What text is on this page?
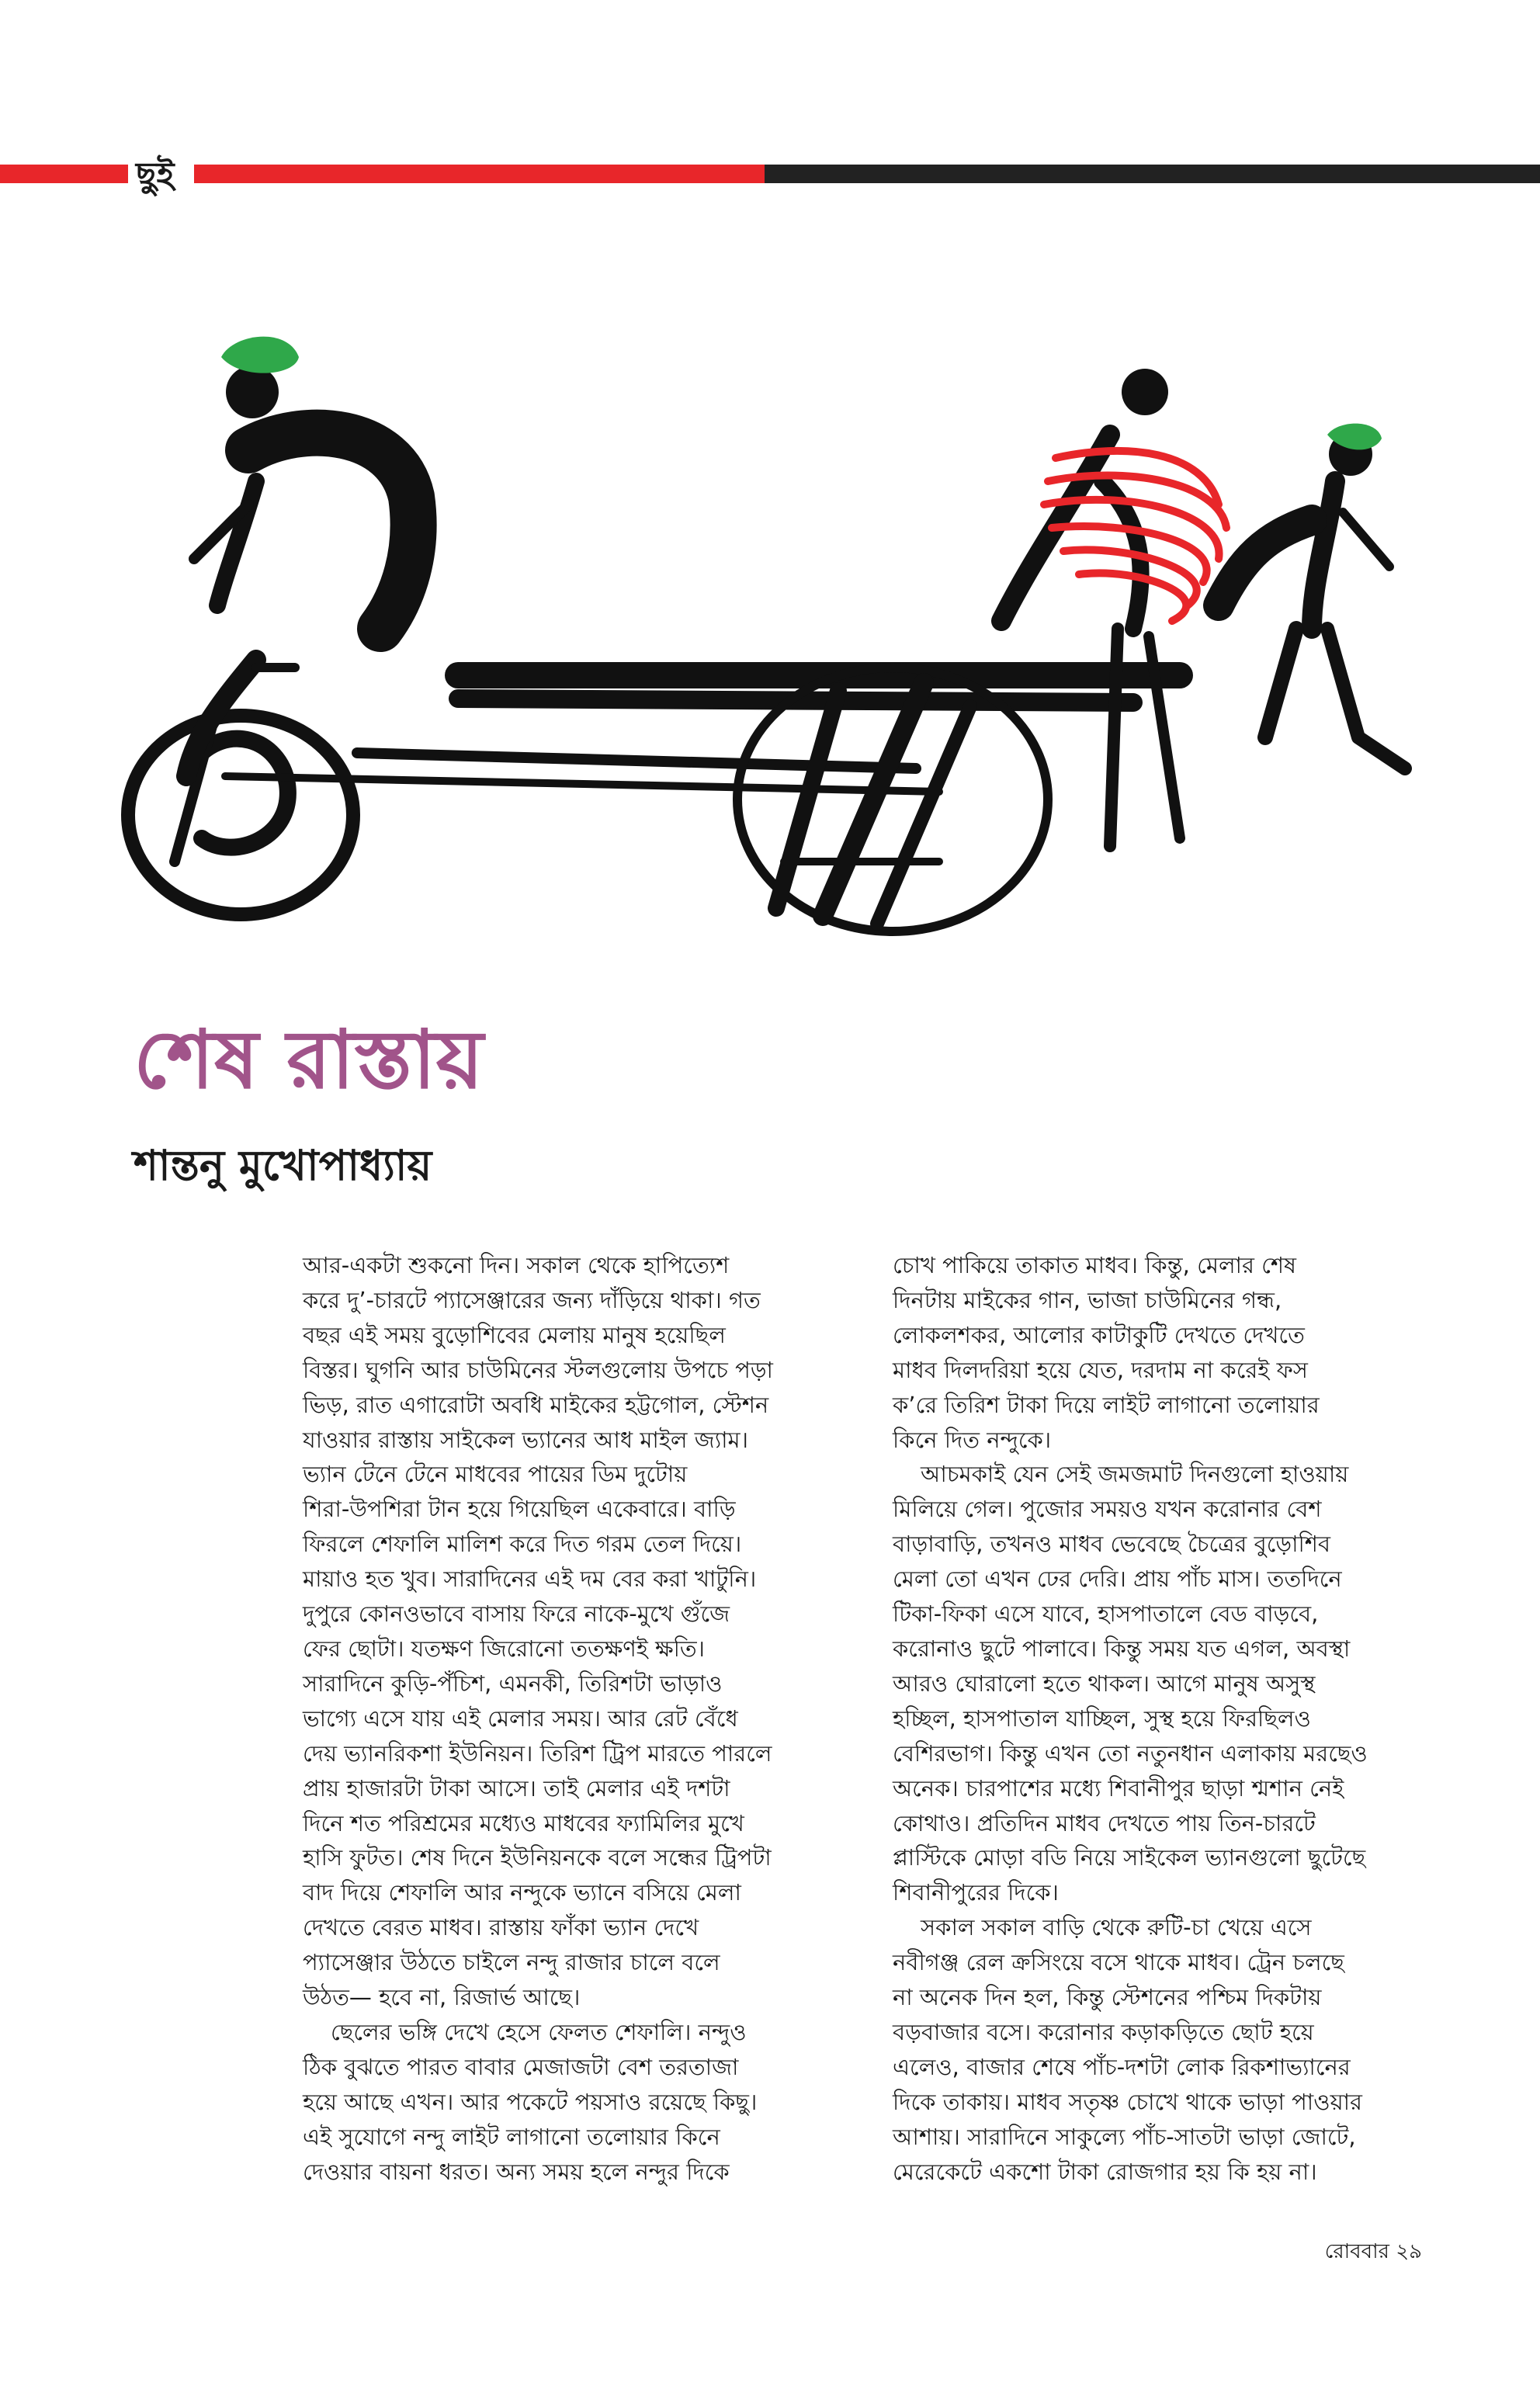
ছুই
শেষ রাস্তায়
শান্তনু মুখোপাধ্যায়
আর-একটা শুকনো দিন। সকাল থেকে হাপিত্যেশ
করে দু’-চারটে প্যাসেঞ্জারের জন্য দাঁড়িয়ে থাকা। গত
বছর এই সময় বুড়োশিবের মেলায় মানুষ হয়েছিল
বিস্তর। ঘুগনি আর চাউমিনের স্টলগুলোয় উপচে পড়া
ভিড়, রাত এগারোটা অবধি মাইকের হট্টগোল, স্টেশন
যাওয়ার রাস্তায় সাইকেল ভ্যানের আধ মাইল জ্যাম।
ভ্যান টেনে টেনে মাধবের পায়ের ডিম দুটোয়
শিরা-উপশিরা টান হয়ে গিয়েছিল একেবারে। বাড়ি
ফিরলে শেফালি মালিশ করে দিত গরম তেল দিয়ে।
মায়াও হত খুব। সারাদিনের এই দম বের করা খাটুনি।
দুপুরে কোনওভাবে বাসায় ফিরে নাকে-মুখে গুঁজে
ফের ছোটা। যতক্ষণ জিরোনো ততক্ষণই ক্ষতি।
সারাদিনে কুড়ি-পঁচিশ, এমনকী, তিরিশটা ভাড়াও
ভাগ্যে এসে যায় এই মেলার সময়। আর রেট বেঁধে
দেয় ভ্যানরিকশা ইউনিয়ন। তিরিশ ট্রিপ মারতে পারলে
প্রায় হাজারটা টাকা আসে। তাই মেলার এই দশটা
দিনে শত পরিশ্রমের মধ্যেও মাধবের ফ্যামিলির মুখে
হাসি ফুটত। শেষ দিনে ইউনিয়নকে বলে সন্ধের ট্রিপটা
বাদ দিয়ে শেফালি আর নন্দুকে ভ্যানে বসিয়ে মেলা
দেখতে বেরত মাধব। রাস্তায় ফাঁকা ভ্যান দেখে
প্যাসেঞ্জার উঠতে চাইলে নন্দু রাজার চালে বলে
উঠত— হবে না, রিজার্ভ আছে।
ছেলের ভঙ্গি দেখে হেসে ফেলত শেফালি। নন্দুও
ঠিক বুঝতে পারত বাবার মেজাজটা বেশ তরতাজা
হয়ে আছে এখন। আর পকেটে পয়সাও রয়েছে কিছু।
এই সুযোগে নন্দু লাইট লাগানো তলোয়ার কিনে
দেওয়ার বায়না ধরত। অন্য সময় হলে নন্দুর দিকে
চোখ পাকিয়ে তাকাত মাধব। কিন্তু, মেলার শেষ
দিনটায় মাইকের গান, ভাজা চাউমিনের গন্ধ,
লোকলশকর, আলোর কাটাকুটি দেখতে দেখতে
মাধব দিলদরিয়া হয়ে যেত, দরদাম না করেই ফস
ক’রে তিরিশ টাকা দিয়ে লাইট লাগানো তলোয়ার
কিনে দিত নন্দুকে।
আচমকাই যেন সেই জমজমাট দিনগুলো হাওয়ায়
মিলিয়ে গেল। পুজোর সময়ও যখন করোনার বেশ
বাড়াবাড়ি, তখনও মাধব ভেবেছে চৈত্রের বুড়োশিব
মেলা তো এখন ঢের দেরি। প্রায় পাঁচ মাস। ততদিনে
টিকা-ফিকা এসে যাবে, হাসপাতালে বেড বাড়বে,
করোনাও ছুটে পালাবে। কিন্তু সময় যত এগল, অবস্থা
আরও ঘোরালো হতে থাকল। আগে মানুষ অসুস্থ
হচ্ছিল, হাসপাতাল যাচ্ছিল, সুস্থ হয়ে ফিরছিলও
বেশিরভাগ। কিন্তু এখন তো নতুনধান এলাকায় মরছেও
অনেক। চারপাশের মধ্যে শিবানীপুর ছাড়া শ্মশান নেই
কোথাও। প্রতিদিন মাধব দেখতে পায় তিন-চারটে
প্লাস্টিকে মোড়া বডি নিয়ে সাইকেল ভ্যানগুলো ছুটেছে
শিবানীপুরের দিকে।
সকাল সকাল বাড়ি থেকে রুটি-চা খেয়ে এসে
নবীগঞ্জ রেল ক্রসিংয়ে বসে থাকে মাধব। ট্রেন চলছে
না অনেক দিন হল, কিন্তু স্টেশনের পশ্চিম দিকটায়
বড়বাজার বসে। করোনার কড়াকড়িতে ছোট হয়ে
এলেও, বাজার শেষে পাঁচ-দশটা লোক রিকশাভ্যানের
দিকে তাকায়। মাধব সতৃষ্ণ চোখে থাকে ভাড়া পাওয়ার
আশায়। সারাদিনে সাকুল্যে পাঁচ-সাতটা ভাড়া জোটে,
মেরেকেটে একশো টাকা রোজগার হয় কি হয় না।
রোববার ২৯
